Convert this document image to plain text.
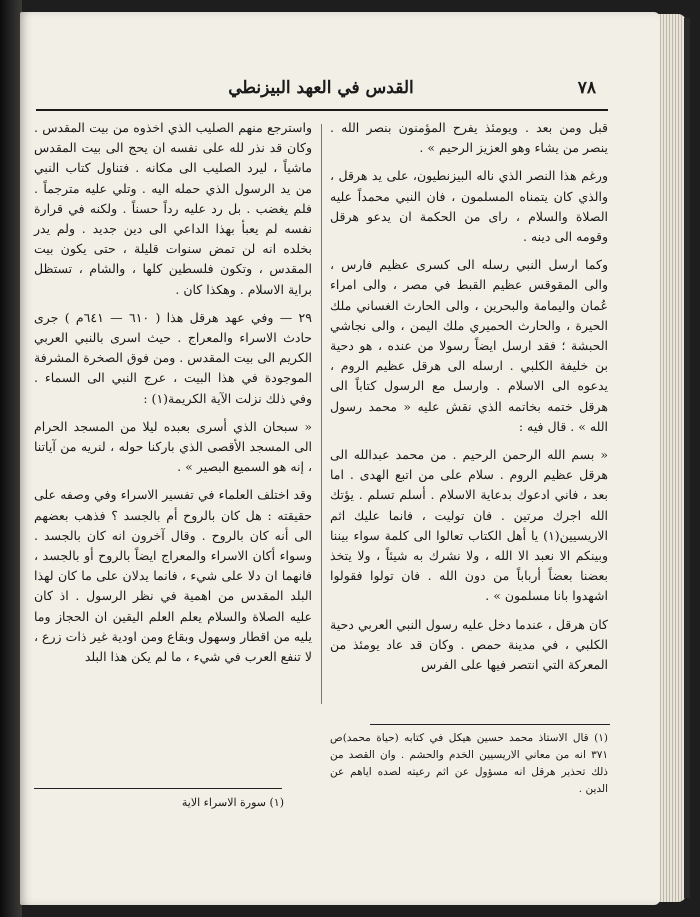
القدس في العهد البيزنطي	٧٨

قبل ومن بعد . ويومئذ يفرح المؤمنون بنصر الله . ينصر من يشاء وهو العزيز الرحيم » .

ورغم هذا النصر الذي ناله البيزنطيون، على يد هرقل ، والذي كان يتمناه المسلمون ، فان النبي محمداً عليه الصلاة والسلام ، راى من الحكمة ان يدعو هرقل وقومه الى دينه .

وكما ارسل النبي رسله الى كسرى عظيم فارس ، والى المقوقس عظيم القبط في مصر ، والى امراء عُمان واليمامة والبحرين ، والى الحارث الغساني ملك الحيرة ، والحارث الحميري ملك اليمن ، والى نجاشي الحبشة ؛ فقد ارسل ايضاً رسولا من عنده ، هو دحية بن خليفة الكلبي . ارسله الى هرقل عظيم الروم ، يدعوه الى الاسلام . وارسل مع الرسول كتاباً الى هرقل ختمه بخاتمه الذي نقش عليه « محمد رسول الله » . قال فيه :

« بسم الله الرحمن الرحيم . من محمد عبدالله الى هرقل عظيم الروم . سلام على من اتبع الهدى . اما بعد ، فاني ادعوك بدعاية الاسلام . أسلم تسلم . يؤتك الله اجرك مرتين . فان توليت ، فانما عليك اثم الاريسيين(١) يا أهل الكتاب تعالوا الى كلمة سواء بيننا وبينكم الا نعبد الا الله ، ولا نشرك به شيئاً ، ولا يتخذ بعضنا بعضاً أرباباً من دون الله . فان تولوا فقولوا اشهدوا بانا مسلمون » .

كان هرقل ، عندما دخل عليه رسول النبي العربي دحية الكلبي ، في مدينة حمص . وكان قد عاد يومئذ من المعركة التي انتصر فيها على الفرس

واسترجع منهم الصليب الذي اخذوه من بيت المقدس . وكان قد نذر لله على نفسه ان يحج الى بيت المقدس ماشياً ، ليرد الصليب الى مكانه . فتناول كتاب النبي من يد الرسول الذي حمله اليه . وتلي عليه مترجماً . فلم يغضب . بل رد عليه رداً حسناً . ولكنه في قرارة نفسه لم يعبأ بهذا الداعي الى دين جديد . ولم يدر بخلده انه لن تمض سنوات قليلة ، حتى يكون بيت المقدس ، وتكون فلسطين كلها ، والشام ، تستظل براية الاسلام . وهكذا كان .

٢٩ — وفي عهد هرقل هذا ( ٦١٠ — ٦٤١م ) جرى حادث الاسراء والمعراج . حيث اسرى بالنبي العربي الكريم الى بيت المقدس . ومن فوق الصخرة المشرفة الموجودة في هذا البيت ، عرج النبي الى السماء . وفي ذلك نزلت الآية الكريمة(١) :

« سبحان الذي أسرى بعبده ليلا من المسجد الحرام الى المسجد الأقصى الذي باركنا حوله ، لنريه من آياتنا ، إنه هو السميع البصير » .

وقد اختلف العلماء في تفسير الاسراء وفي وصفه على حقيقته : هل كان بالروح أم بالجسد ؟ فذهب بعضهم الى أنه كان بالروح . وقال آخرون انه كان بالجسد . وسواء أكان الاسراء والمعراج ايضاً بالروح أو بالجسد ، فانهما ان دلا على شيء ، فانما يدلان على ما كان لهذا البلد المقدس من اهمية في نظر الرسول . اذ كان عليه الصلاة والسلام يعلم العلم اليقين ان الحجاز وما يليه من اقطار وسهول وبقاع ومن اودية غير ذات زرع ، لا تنفع العرب في شيء ، ما لم يكن هذا البلد

(١) قال الاستاذ محمد حسين هيكل في كتابه (حياة محمد)ص ٣٧١ انه من معاني الاريسيين الخدم والحشم . وان القصد من ذلك تحذير هرقل انه مسؤول عن اثم رعيته لصده اياهم عن الدين .
(١) سورة الاسراء الاية
